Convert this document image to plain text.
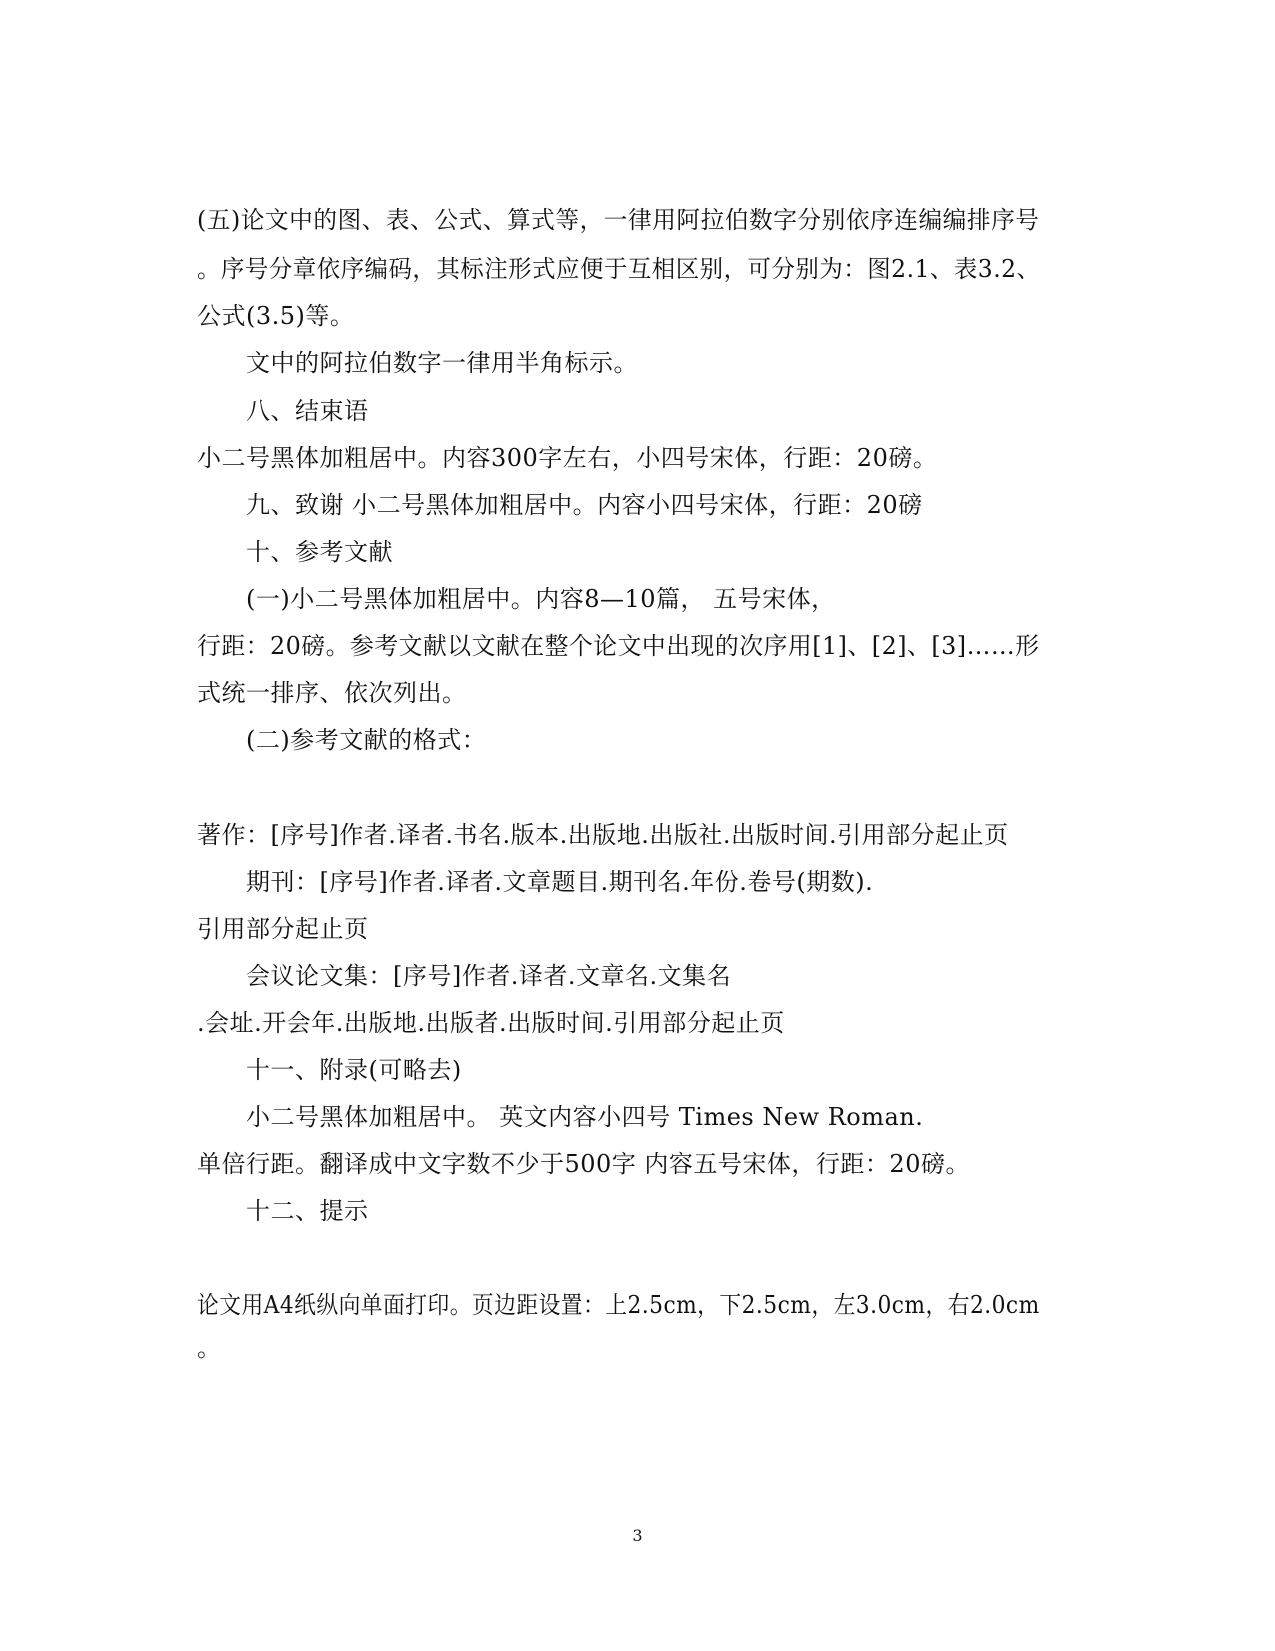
(五)论文中的图、表、公式、算式等，一律用阿拉伯数字分别依序连编编排序号
。序号分章依序编码，其标注形式应便于互相区别，可分别为：图2.1、表3.2、
公式(3.5)等。
文中的阿拉伯数字一律用半角标示。
八、结束语
小二号黑体加粗居中。内容300字左右，小四号宋体，行距：20磅。
九、致谢 小二号黑体加粗居中。内容小四号宋体，行距：20磅
十、参考文献
(一)小二号黑体加粗居中。内容8—10篇， 五号宋体，
行距：20磅。参考文献以文献在整个论文中出现的次序用[1]、[2]、[3]……形
式统一排序、依次列出。
(二)参考文献的格式：
著作：[序号]作者.译者.书名.版本.出版地.出版社.出版时间.引用部分起止页
期刊：[序号]作者.译者.文章题目.期刊名.年份.卷号(期数).
引用部分起止页
会议论文集：[序号]作者.译者.文章名.文集名
.会址.开会年.出版地.出版者.出版时间.引用部分起止页
十一、附录(可略去)
小二号黑体加粗居中。 英文内容小四号 Times New Roman.
单倍行距。翻译成中文字数不少于500字 内容五号宋体，行距：20磅。
十二、提示
论文用A4纸纵向单面打印。页边距设置：上2.5cm，下2.5cm，左3.0cm，右2.0cm
。
3
